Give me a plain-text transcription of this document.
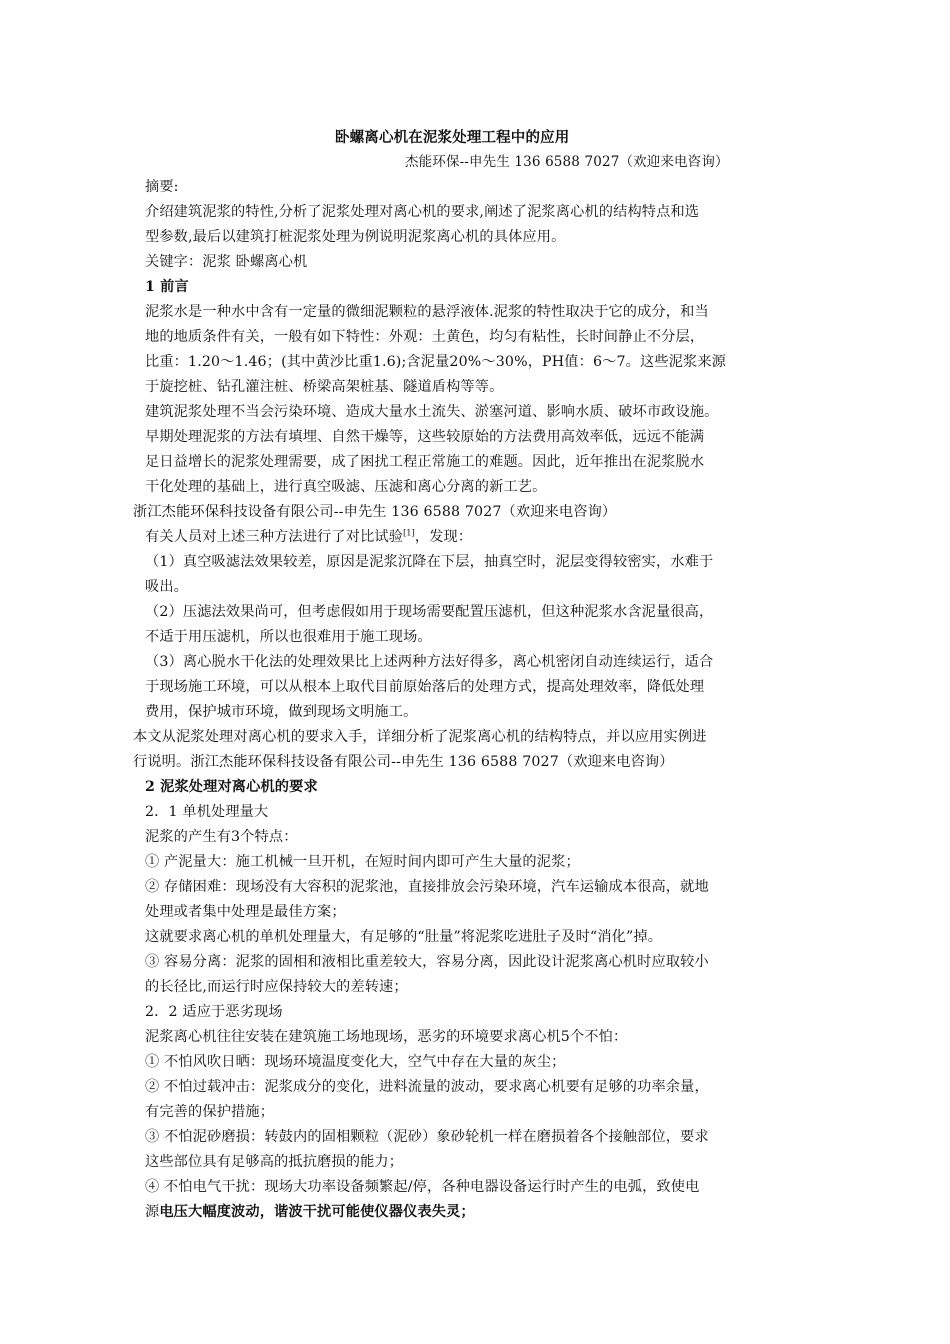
卧螺离心机在泥浆处理工程中的应用
杰能环保--申先生 136 6588 7027（欢迎来电咨询）
摘要:
介绍建筑泥浆的特性,分析了泥浆处理对离心机的要求,阐述了泥浆离心机的结构特点和选
型参数,最后以建筑打桩泥浆处理为例说明泥浆离心机的具体应用。
关键字：泥浆 卧螺离心机
1 前言
泥浆水是一种水中含有一定量的微细泥颗粒的悬浮液体.泥浆的特性取决于它的成分，和当
地的地质条件有关，一般有如下特性：外观：土黄色，均匀有粘性，长时间静止不分层，
比重：1.20～1.46；(其中黄沙比重1.6);含泥量20%～30%，PH值：6～7。这些泥浆来源
于旋挖桩、钻孔灌注桩、桥梁高架桩基、隧道盾构等等。
建筑泥浆处理不当会污染环境、造成大量水土流失、淤塞河道、影响水质、破坏市政设施。
早期处理泥浆的方法有填埋、自然干燥等，这些较原始的方法费用高效率低，远远不能满
足日益增长的泥浆处理需要，成了困扰工程正常施工的难题。因此，近年推出在泥浆脱水
干化处理的基础上，进行真空吸滤、压滤和离心分离的新工艺。
浙江杰能环保科技设备有限公司--申先生 136 6588 7027（欢迎来电咨询）
有关人员对上述三种方法进行了对比试验[1]，发现：
（1）真空吸滤法效果较差，原因是泥浆沉降在下层，抽真空时，泥层变得较密实，水难于
吸出。
（2）压滤法效果尚可，但考虑假如用于现场需要配置压滤机，但这种泥浆水含泥量很高，
不适于用压滤机，所以也很难用于施工现场。
（3）离心脱水干化法的处理效果比上述两种方法好得多，离心机密闭自动连续运行，适合
于现场施工环境，可以从根本上取代目前原始落后的处理方式，提高处理效率，降低处理
费用，保护城市环境，做到现场文明施工。
本文从泥浆处理对离心机的要求入手，详细分析了泥浆离心机的结构特点，并以应用实例进
行说明。浙江杰能环保科技设备有限公司--申先生 136 6588 7027（欢迎来电咨询）
2 泥浆处理对离心机的要求
2．1 单机处理量大
泥浆的产生有3个特点：
① 产泥量大：施工机械一旦开机，在短时间内即可产生大量的泥浆；
② 存储困难：现场没有大容积的泥浆池，直接排放会污染环境，汽车运输成本很高，就地
处理或者集中处理是最佳方案；
这就要求离心机的单机处理量大，有足够的“肚量”将泥浆吃进肚子及时“消化”掉。
③ 容易分离：泥浆的固相和液相比重差较大，容易分离，因此设计泥浆离心机时应取较小
的长径比,而运行时应保持较大的差转速；
2．2 适应于恶劣现场
泥浆离心机往往安装在建筑施工场地现场，恶劣的环境要求离心机5个不怕：
① 不怕风吹日晒：现场环境温度变化大，空气中存在大量的灰尘；
② 不怕过载冲击：泥浆成分的变化，进料流量的波动，要求离心机要有足够的功率余量，
有完善的保护措施；
③ 不怕泥砂磨损：转鼓内的固相颗粒（泥砂）象砂轮机一样在磨损着各个接触部位，要求
这些部位具有足够高的抵抗磨损的能力；
④ 不怕电气干扰：现场大功率设备频繁起/停，各种电器设备运行时产生的电弧，致使电
源电压大幅度波动，谐波干扰可能使仪器仪表失灵；
